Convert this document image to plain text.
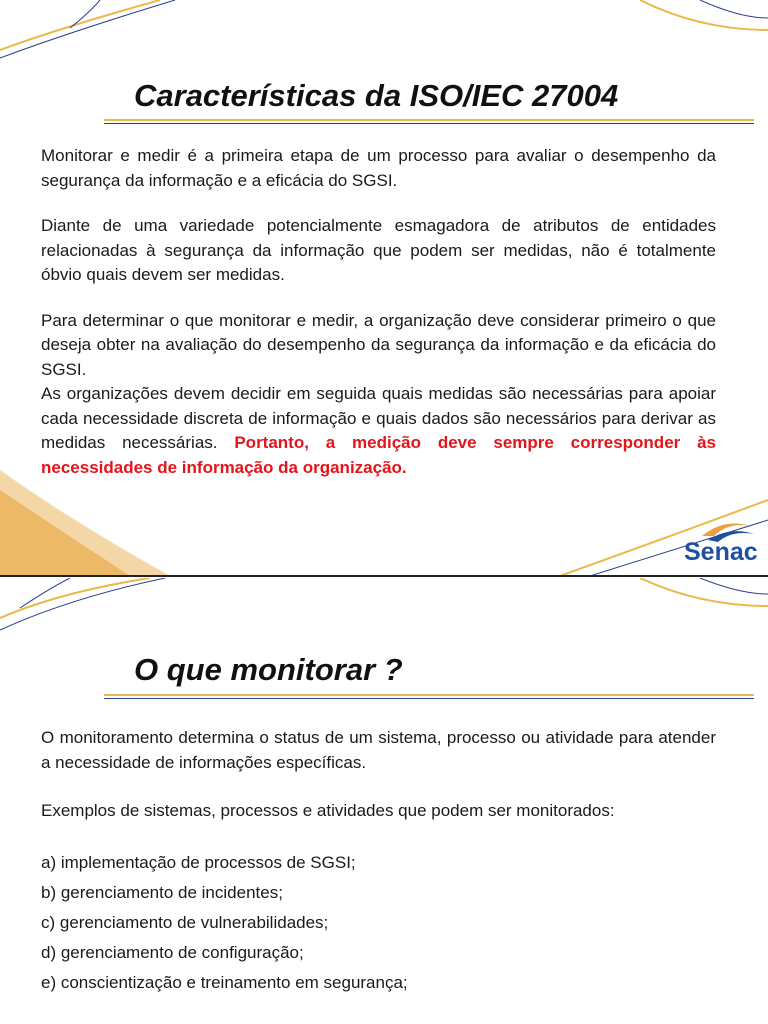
Características da ISO/IEC 27004

Monitorar e medir é a primeira etapa de um processo para avaliar o desempenho da segurança da informação e a eficácia do SGSI.

Diante de uma variedade potencialmente esmagadora de atributos de entidades relacionadas à segurança da informação que podem ser medidas, não é totalmente óbvio quais devem ser medidas.

Para determinar o que monitorar e medir, a organização deve considerar primeiro o que deseja obter na avaliação do desempenho da segurança da informação e da eficácia do SGSI.

As organizações devem decidir em seguida quais medidas são necessárias para apoiar cada necessidade discreta de informação e quais dados são necessários para derivar as medidas necessárias. Portanto, a medição deve sempre corresponder às necessidades de informação da organização.

Senac
O que monitorar ?

O monitoramento determina o status de um sistema, processo ou atividade para atender a necessidade de informações específicas.

Exemplos de sistemas, processos e atividades que podem ser monitorados:

a) implementação de processos de SGSI;

b) gerenciamento de incidentes;

c) gerenciamento de vulnerabilidades;

d) gerenciamento de configuração;

e) conscientização e treinamento em segurança;
